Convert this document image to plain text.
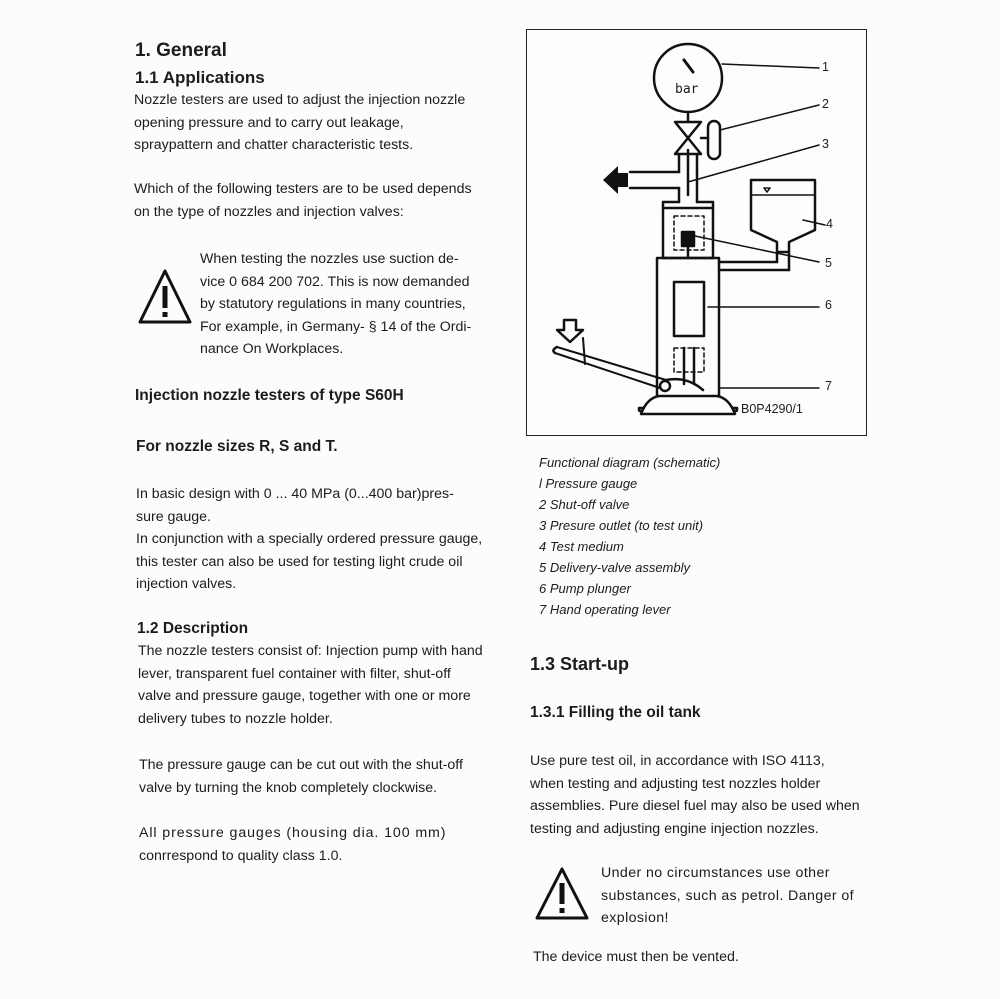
1. General
1.1 Applications
Nozzle testers are used to adjust the injection nozzle
opening pressure and to carry out leakage,
spraypattern and chatter characteristic tests.
Which of the following testers are to be used depends
on the type of nozzles and injection valves:
When testing the nozzles use suction de-
vice 0 684 200 702. This is now demanded
by statutory regulations in many countries,
For example, in Germany- § 14 of the Ordi-
nance On Workplaces.
Injection nozzle testers of type S60H
For nozzle sizes R, S and T.
In basic design with 0 ... 40 MPa (0...400 bar)pres-
sure gauge.
In conjunction with a specially ordered pressure gauge,
this tester can also be used for testing light crude oil
injection valves.
1.2 Description
The nozzle testers consist of: Injection pump with hand
lever, transparent fuel container with filter, shut-off
valve and pressure gauge, together with one or more
delivery tubes to nozzle holder.
The pressure gauge can be cut out with the shut-off
valve by turning the knob completely clockwise.
All pressure gauges (housing dia. 100 mm)
conrrespond to quality class 1.0.
bar
1
2
3
4
5
6
7
B0P4290/1
Functional diagram (schematic)
l Pressure gauge
2 Shut-off valve
3 Presure outlet (to test unit)
4 Test medium
5 Delivery-valve assembly
6 Pump plunger
7 Hand operating lever
1.3 Start-up
1.3.1 Filling the oil tank
Use pure test oil, in accordance with ISO 4113,
when testing and adjusting test nozzles holder
assemblies. Pure diesel fuel may also be used when
testing and adjusting engine injection nozzles.
Under no circumstances use other
substances, such as petrol. Danger of
explosion!
The device must then be vented.
